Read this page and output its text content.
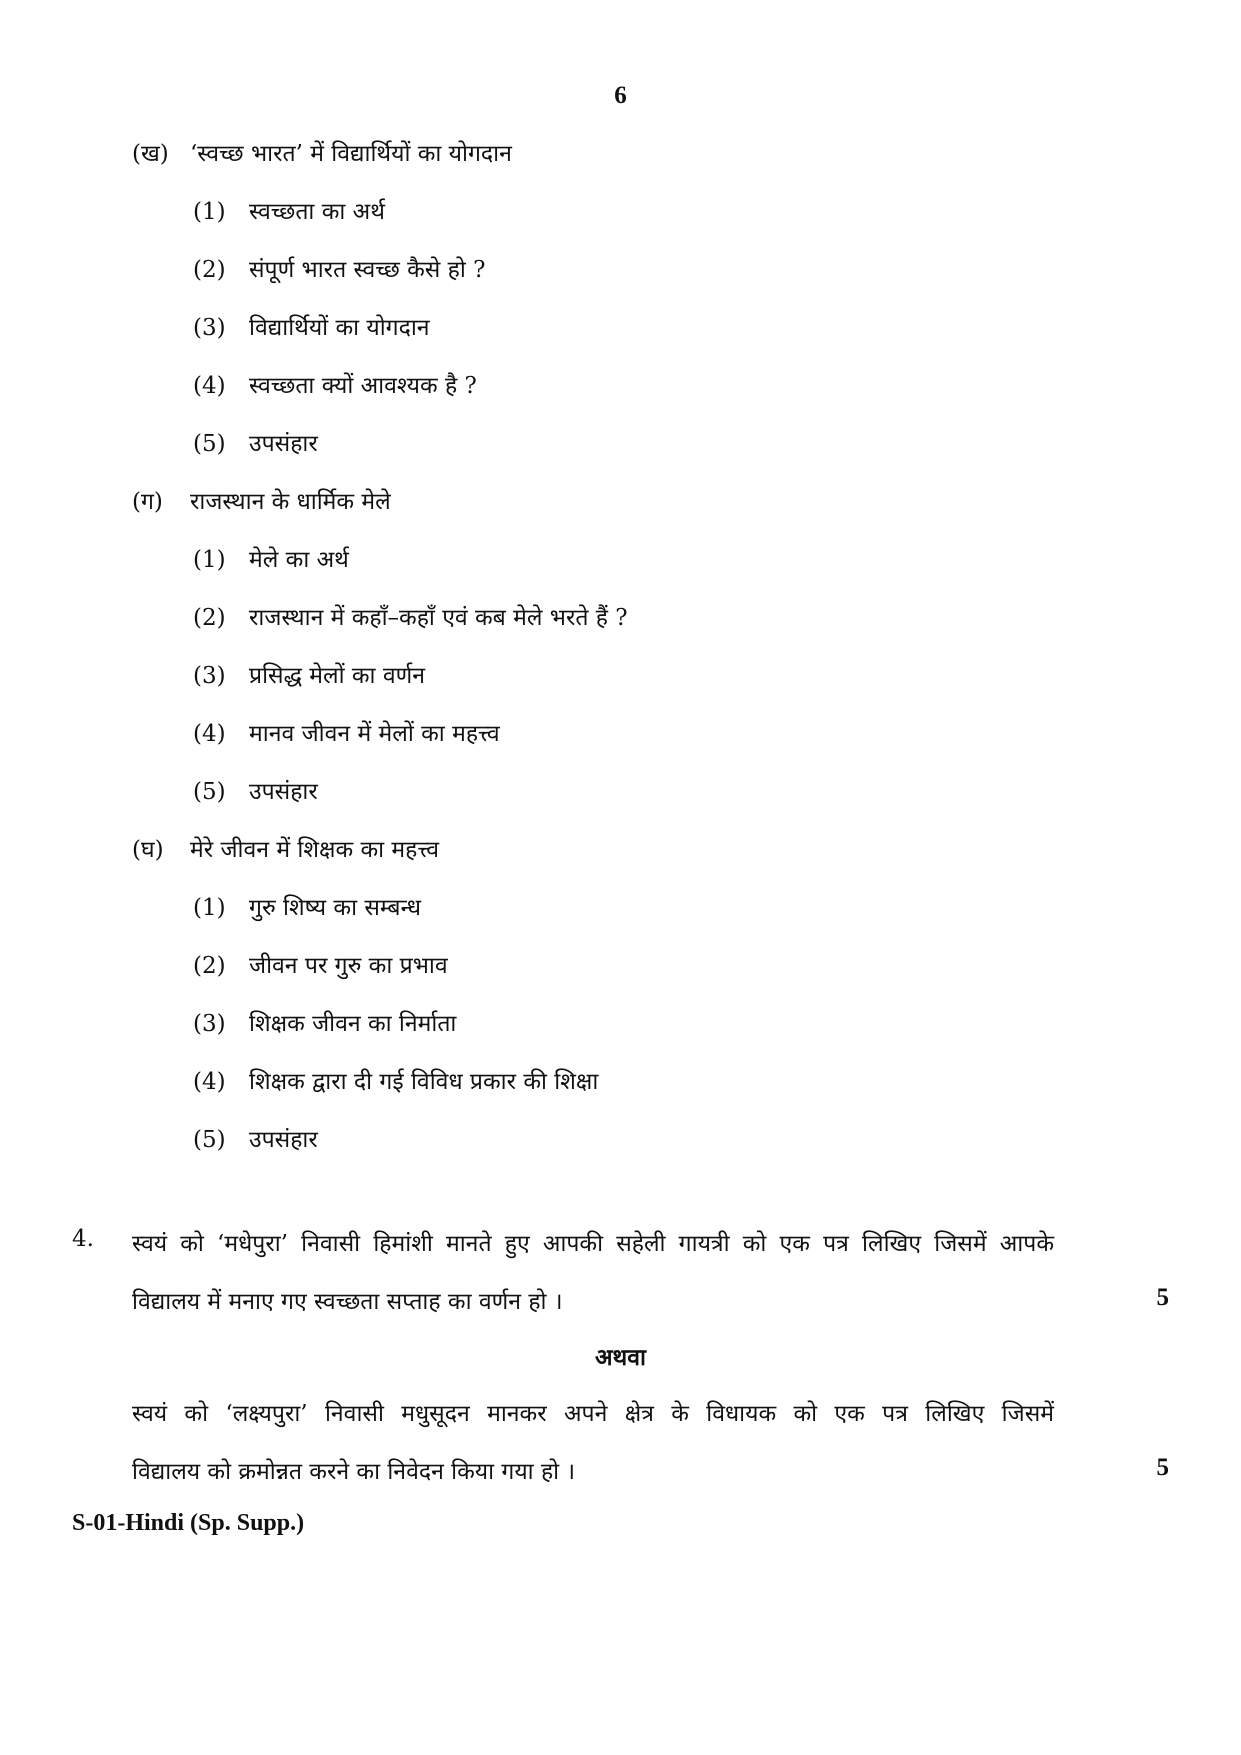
6
(ख) ‘स्वच्छ भारत’ में विद्यार्थियों का योगदान
(1) स्वच्छता का अर्थ
(2) संपूर्ण भारत स्वच्छ कैसे हो ?
(3) विद्यार्थियों का योगदान
(4) स्वच्छता क्यों आवश्यक है ?
(5) उपसंहार
(ग) राजस्थान के धार्मिक मेले
(1) मेले का अर्थ
(2) राजस्थान में कहाँ–कहाँ एवं कब मेले भरते हैं ?
(3) प्रसिद्ध मेलों का वर्णन
(4) मानव जीवन में मेलों का महत्त्व
(5) उपसंहार
(घ) मेरे जीवन में शिक्षक का महत्त्व
(1) गुरु शिष्य का सम्बन्ध
(2) जीवन पर गुरु का प्रभाव
(3) शिक्षक जीवन का निर्माता
(4) शिक्षक द्वारा दी गई विविध प्रकार की शिक्षा
(5) उपसंहार
4. स्वयं को ‘मधेपुरा’ निवासी हिमांशी मानते हुए आपकी सहेली गायत्री को एक पत्र लिखिए जिसमें आपके
विद्यालय में मनाए गए स्वच्छता सप्ताह का वर्णन हो ।	5
अथवा
स्वयं को ‘लक्ष्यपुरा’ निवासी मधुसूदन मानकर अपने क्षेत्र के विधायक को एक पत्र लिखिए जिसमें
विद्यालय को क्रमोन्नत करने का निवेदन किया गया हो ।	5
S-01-Hindi (Sp. Supp.)
